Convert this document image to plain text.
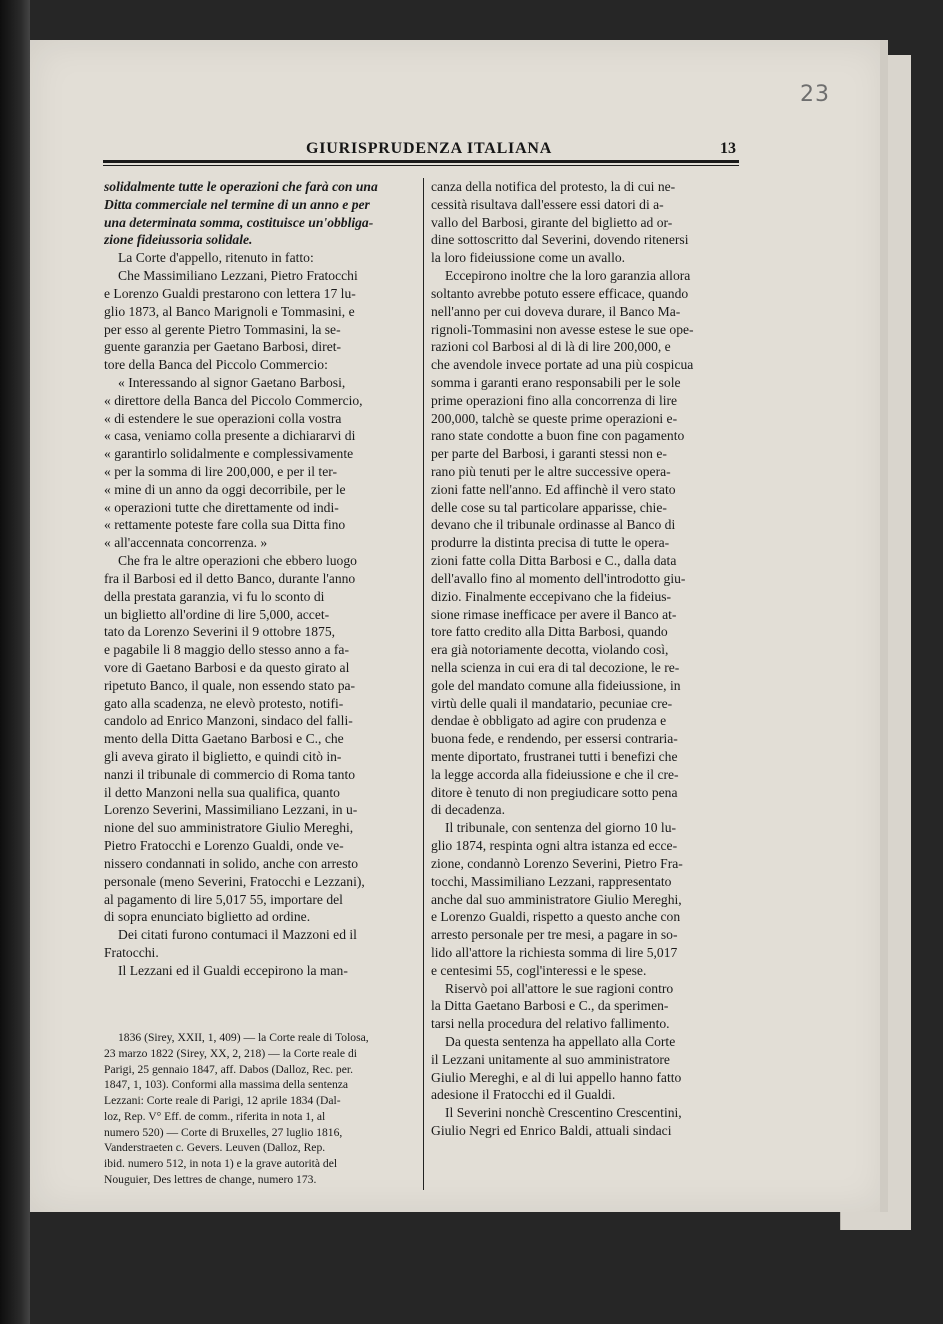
23
GIURISPRUDENZA ITALIANA	13
solidalmente tutte le operazioni che farà con una
Ditta commerciale nel termine di un anno e per
una determinata somma, costituisce un'obbliga-
zione fideiussoria solidale.
La Corte d'appello, ritenuto in fatto:
Che Massimiliano Lezzani, Pietro Fratocchi
e Lorenzo Gualdi prestarono con lettera 17 lu-
glio 1873, al Banco Marignoli e Tommasini, e
per esso al gerente Pietro Tommasini, la se-
guente garanzia per Gaetano Barbosi, diret-
tore della Banca del Piccolo Commercio:
« Interessando al signor Gaetano Barbosi,
« direttore della Banca del Piccolo Commercio,
« di estendere le sue operazioni colla vostra
« casa, veniamo colla presente a dichiararvi di
« garantirlo solidalmente e complessivamente
« per la somma di lire 200,000, e per il ter-
« mine di un anno da oggi decorribile, per le
« operazioni tutte che direttamente od indi-
« rettamente poteste fare colla sua Ditta fino
« all'accennata concorrenza. »
Che fra le altre operazioni che ebbero luogo
fra il Barbosi ed il detto Banco, durante l'anno
della prestata garanzia, vi fu lo sconto di
un biglietto all'ordine di lire 5,000, accet-
tato da Lorenzo Severini il 9 ottobre 1875,
e pagabile li 8 maggio dello stesso anno a fa-
vore di Gaetano Barbosi e da questo girato al
ripetuto Banco, il quale, non essendo stato pa-
gato alla scadenza, ne elevò protesto, notifi-
candolo ad Enrico Manzoni, sindaco del falli-
mento della Ditta Gaetano Barbosi e C., che
gli aveva girato il biglietto, e quindi citò in-
nanzi il tribunale di commercio di Roma tanto
il detto Manzoni nella sua qualifica, quanto
Lorenzo Severini, Massimiliano Lezzani, in u-
nione del suo amministratore Giulio Mereghi,
Pietro Fratocchi e Lorenzo Gualdi, onde ve-
nissero condannati in solido, anche con arresto
personale (meno Severini, Fratocchi e Lezzani),
al pagamento di lire 5,017 55, importare del
di sopra enunciato biglietto ad ordine.
Dei citati furono contumaci il Mazzoni ed il
Fratocchi.
Il Lezzani ed il Gualdi eccepirono la man-
1836 (Sirey, XXII, 1, 409) — la Corte reale di Tolosa,
23 marzo 1822 (Sirey, XX, 2, 218) — la Corte reale di
Parigi, 25 gennaio 1847, aff. Dabos (Dalloz, Rec. per.
1847, 1, 103). Conformi alla massima della sentenza
Lezzani: Corte reale di Parigi, 12 aprile 1834 (Dal-
loz, Rep. V° Eff. de comm., riferita in nota 1, al
numero 520) — Corte di Bruxelles, 27 luglio 1816,
Vanderstraeten c. Gevers. Leuven (Dalloz, Rep.
ibid. numero 512, in nota 1) e la grave autorità del
Nouguier, Des lettres de change, numero 173.
canza della notifica del protesto, la di cui ne-
cessità risultava dall'essere essi datori di a-
vallo del Barbosi, girante del biglietto ad or-
dine sottoscritto dal Severini, dovendo ritenersi
la loro fideiussione come un avallo.
Eccepirono inoltre che la loro garanzia allora
soltanto avrebbe potuto essere efficace, quando
nell'anno per cui doveva durare, il Banco Ma-
rignoli-Tommasini non avesse estese le sue ope-
razioni col Barbosi al di là di lire 200,000, e
che avendole invece portate ad una più cospicua
somma i garanti erano responsabili per le sole
prime operazioni fino alla concorrenza di lire
200,000, talchè se queste prime operazioni e-
rano state condotte a buon fine con pagamento
per parte del Barbosi, i garanti stessi non e-
rano più tenuti per le altre successive opera-
zioni fatte nell'anno. Ed affinchè il vero stato
delle cose su tal particolare apparisse, chie-
devano che il tribunale ordinasse al Banco di
produrre la distinta precisa di tutte le opera-
zioni fatte colla Ditta Barbosi e C., dalla data
dell'avallo fino al momento dell'introdotto giu-
dizio. Finalmente eccepivano che la fideius-
sione rimase inefficace per avere il Banco at-
tore fatto credito alla Ditta Barbosi, quando
era già notoriamente decotta, violando così,
nella scienza in cui era di tal decozione, le re-
gole del mandato comune alla fideiussione, in
virtù delle quali il mandatario, pecuniae cre-
dendae è obbligato ad agire con prudenza e
buona fede, e rendendo, per essersi contraria-
mente diportato, frustranei tutti i benefizi che
la legge accorda alla fideiussione e che il cre-
ditore è tenuto di non pregiudicare sotto pena
di decadenza.
Il tribunale, con sentenza del giorno 10 lu-
glio 1874, respinta ogni altra istanza ed ecce-
zione, condannò Lorenzo Severini, Pietro Fra-
tocchi, Massimiliano Lezzani, rappresentato
anche dal suo amministratore Giulio Mereghi,
e Lorenzo Gualdi, rispetto a questo anche con
arresto personale per tre mesi, a pagare in so-
lido all'attore la richiesta somma di lire 5,017
e centesimi 55, cogl'interessi e le spese.
Riservò poi all'attore le sue ragioni contro
la Ditta Gaetano Barbosi e C., da sperimen-
tarsi nella procedura del relativo fallimento.
Da questa sentenza ha appellato alla Corte
il Lezzani unitamente al suo amministratore
Giulio Mereghi, e al di lui appello hanno fatto
adesione il Fratocchi ed il Gualdi.
Il Severini nonchè Crescentino Crescentini,
Giulio Negri ed Enrico Baldi, attuali sindaci
